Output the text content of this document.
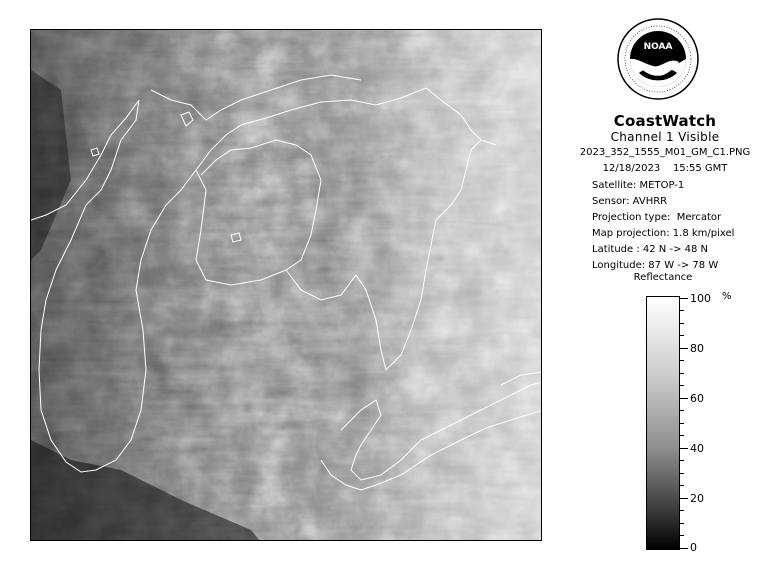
NOAA
CoastWatch
Channel 1 Visible
2023_352_1555_M01_GM_C1.PNG
12/18/2023 15:55 GMT
Satellite: METOP-1
Sensor: AVHRR
Projection type: Mercator
Map projection: 1.8 km/pixel
Latitude : 42 N -> 48 N
Longitude: 87 W -> 78 W
Reflectance
%
100
80
60
40
20
0
